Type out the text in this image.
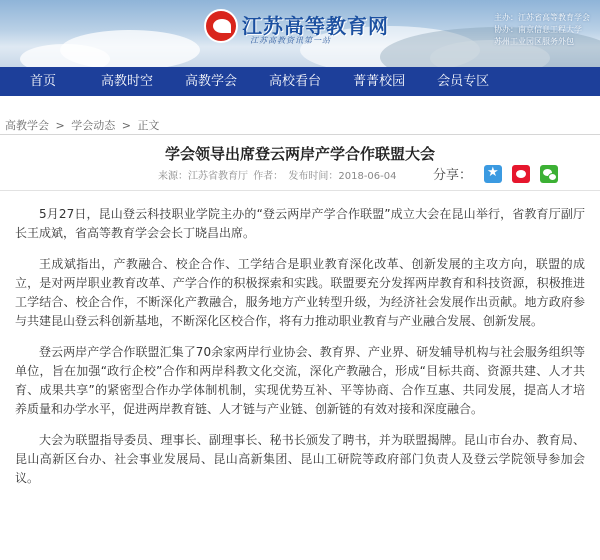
江苏高等教育网
江苏高教资讯第一站
主办：江苏省高等教育学会
协办：南京信息工程大学
苏州工业园区服务外包
首页	高教时空 高教学会 高校看台 菁菁校园 会员专区
高教学会 > 学会动态 > 正文
学会领导出席登云两岸产学合作联盟大会
来源：江苏省教育厅 作者： 发布时间：2018-06-04	分享：
★

5月27日，昆山登云科技职业学院主办的“登云两岸产学合作联盟”成立大会在昆山举行，省教育厅副厅长王成斌，省高等教育学会会长丁晓昌出席。

王成斌指出，产教融合、校企合作、工学结合是职业教育深化改革、创新发展的主攻方向，联盟的成立，是对两岸职业教育改革、产学合作的积极探索和实践。联盟要充分发挥两岸教育和科技资源，积极推进工学结合、校企合作，不断深化产教融合，服务地方产业转型升级，为经济社会发展作出贡献。地方政府参与共建昆山登云科创新基地，不断深化区校合作，将有力推动职业教育与产业融合发展、创新发展。

登云两岸产学合作联盟汇集了70余家两岸行业协会、教育界、产业界、研发辅导机构与社会服务组织等单位，旨在加强“政行企校”合作和两岸科教文化交流，深化产教融合，形成“目标共商、资源共建、人才共育、成果共享”的紧密型合作办学体制机制，实现优势互补、平等协商、合作互惠、共同发展，提高人才培养质量和办学水平，促进两岸教育链、人才链与产业链、创新链的有效对接和深度融合。

大会为联盟指导委员、理事长、副理事长、秘书长颁发了聘书，并为联盟揭牌。昆山市台办、教育局、昆山高新区台办、社会事业发展局、昆山高新集团、昆山工研院等政府部门负责人及登云学院领导参加会议。
